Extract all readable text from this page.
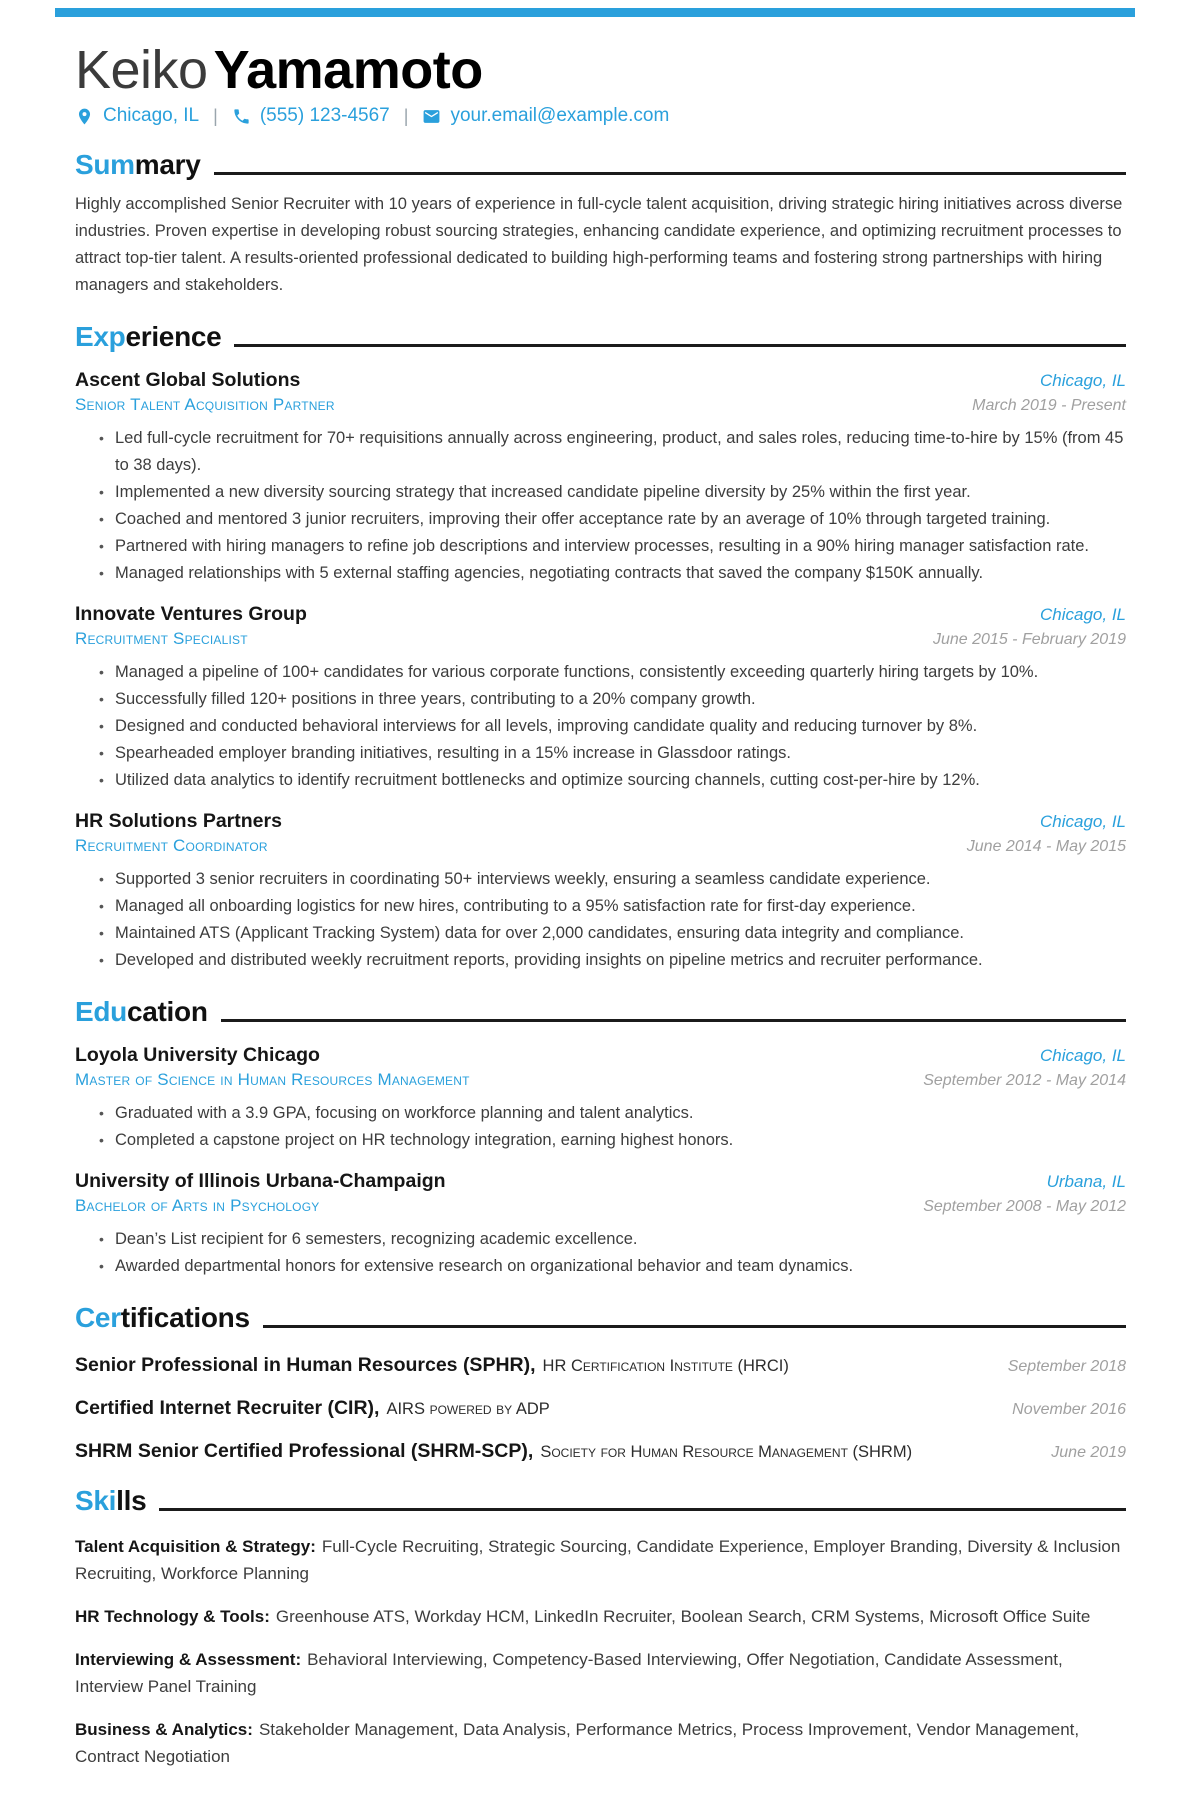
Keiko Yamamoto
Chicago, IL | (555) 123-4567 | your.email@example.com
Sum mary

Highly accomplished Senior Recruiter with 10 years of experience in full-cycle talent acquisition, driving strategic hiring initiatives across diverse industries. Proven expertise in developing robust sourcing strategies, enhancing candidate experience, and optimizing recruitment processes to attract top-tier talent. A results-oriented professional dedicated to building high-performing teams and fostering strong partnerships with hiring managers and stakeholders.

Exp erience
Ascent Global Solutions	Chicago, IL
Senior Talent Acquisition Partner	March 2019 - Present
• Led full-cycle recruitment for 70+ requisitions annually across engineering, product, and sales roles, reducing time-to-hire by 15% (from 45 to 38 days).
• Implemented a new diversity sourcing strategy that increased candidate pipeline diversity by 25% within the first year.
• Coached and mentored 3 junior recruiters, improving their offer acceptance rate by an average of 10% through targeted training.
• Partnered with hiring managers to refine job descriptions and interview processes, resulting in a 90% hiring manager satisfaction rate.
• Managed relationships with 5 external staffing agencies, negotiating contracts that saved the company $150K annually.
Innovate Ventures Group	Chicago, IL
Recruitment Specialist	June 2015 - February 2019
• Managed a pipeline of 100+ candidates for various corporate functions, consistently exceeding quarterly hiring targets by 10%.
• Successfully filled 120+ positions in three years, contributing to a 20% company growth.
• Designed and conducted behavioral interviews for all levels, improving candidate quality and reducing turnover by 8%.
• Spearheaded employer branding initiatives, resulting in a 15% increase in Glassdoor ratings.
• Utilized data analytics to identify recruitment bottlenecks and optimize sourcing channels, cutting cost-per-hire by 12%.
HR Solutions Partners	Chicago, IL
Recruitment Coordinator	June 2014 - May 2015
• Supported 3 senior recruiters in coordinating 50+ interviews weekly, ensuring a seamless candidate experience.
• Managed all onboarding logistics for new hires, contributing to a 95% satisfaction rate for first-day experience.
• Maintained ATS (Applicant Tracking System) data for over 2,000 candidates, ensuring data integrity and compliance.
• Developed and distributed weekly recruitment reports, providing insights on pipeline metrics and recruiter performance.
Edu cation
Loyola University Chicago	Chicago, IL
Master of Science in Human Resources Management	September 2012 - May 2014
• Graduated with a 3.9 GPA, focusing on workforce planning and talent analytics.
• Completed a capstone project on HR technology integration, earning highest honors.
University of Illinois Urbana-Champaign	Urbana, IL
Bachelor of Arts in Psychology	September 2008 - May 2012
• Dean’s List recipient for 6 semesters, recognizing academic excellence.
• Awarded departmental honors for extensive research on organizational behavior and team dynamics.
Cer tifications
Senior Professional in Human Resources (SPHR), HR Certification Institute (HRCI)	September 2018
Certified Internet Recruiter (CIR), AIRS powered by ADP	November 2016
SHRM Senior Certified Professional (SHRM-SCP), Society for Human Resource Management (SHRM)	June 2019
Ski lls

Talent Acquisition & Strategy: Full-Cycle Recruiting, Strategic Sourcing, Candidate Experience, Employer Branding, Diversity & Inclusion Recruiting, Workforce Planning

HR Technology & Tools: Greenhouse ATS, Workday HCM, LinkedIn Recruiter, Boolean Search, CRM Systems, Microsoft Office Suite

Interviewing & Assessment: Behavioral Interviewing, Competency-Based Interviewing, Offer Negotiation, Candidate Assessment, Interview Panel Training

Business & Analytics: Stakeholder Management, Data Analysis, Performance Metrics, Process Improvement, Vendor Management, Contract Negotiation
